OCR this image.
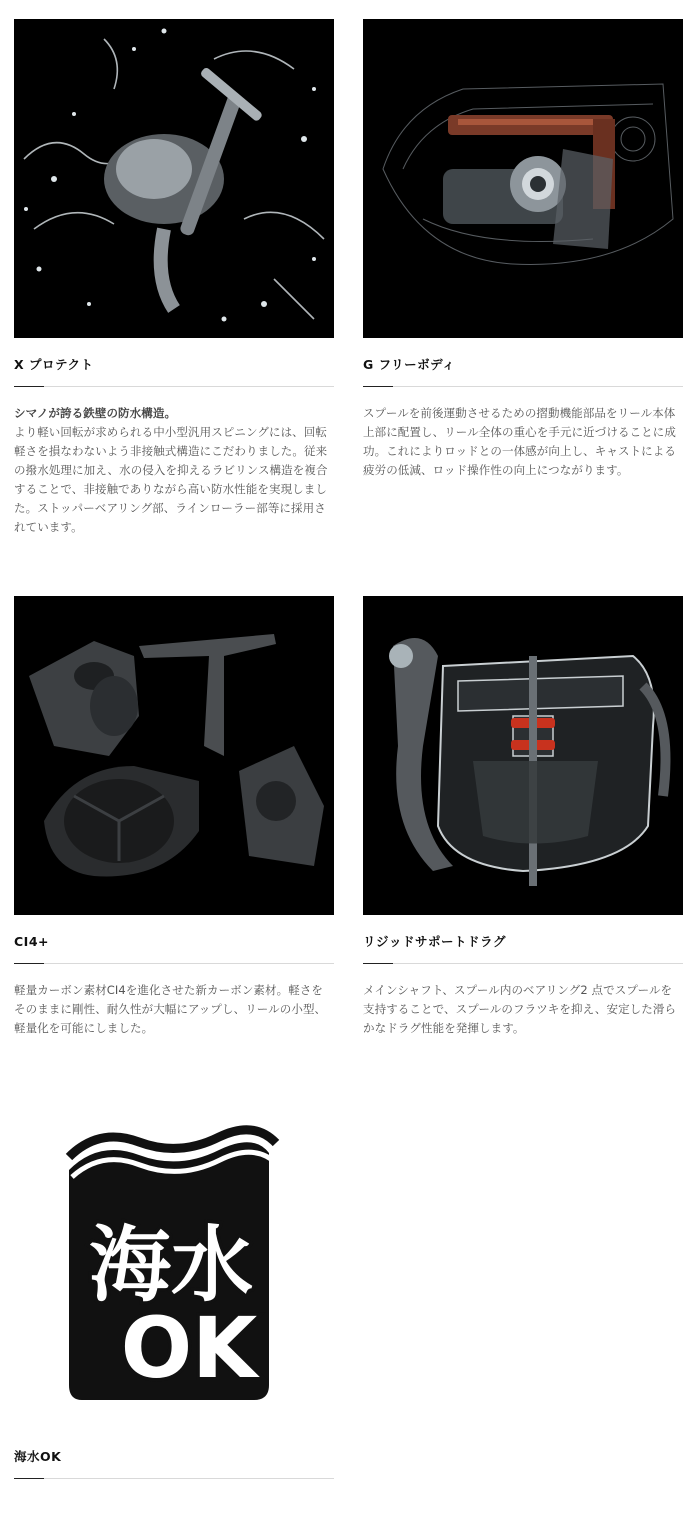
X プロテクト
シマノが誇る鉄壁の防水構造。
より軽い回転が求められる中小型汎用スピニングには、回転軽さを損なわないよう非接触式構造にこだわりました。従来の撥水処理に加え、水の侵入を抑えるラビリンス構造を複合することで、非接触でありながら高い防水性能を実現しました。ストッパーベアリング部、ラインローラー部等に採用されています。
G フリーボディ
スプールを前後運動させるための摺動機能部品をリール本体上部に配置し、リール全体の重心を手元に近づけることに成功。これによりロッドとの一体感が向上し、キャストによる疲労の低減、ロッド操作性の向上につながります。
CI4+
軽量カーボン素材CI4を進化させた新カーボン素材。軽さをそのままに剛性、耐久性が大幅にアップし、リールの小型、軽量化を可能にしました。
リジッドサポートドラグ
メインシャフト、スプール内のベアリング2 点でスプールを支持することで、スプールのフラツキを抑え、安定した滑らかなドラグ性能を発揮します。
海水
OK
海水OK
